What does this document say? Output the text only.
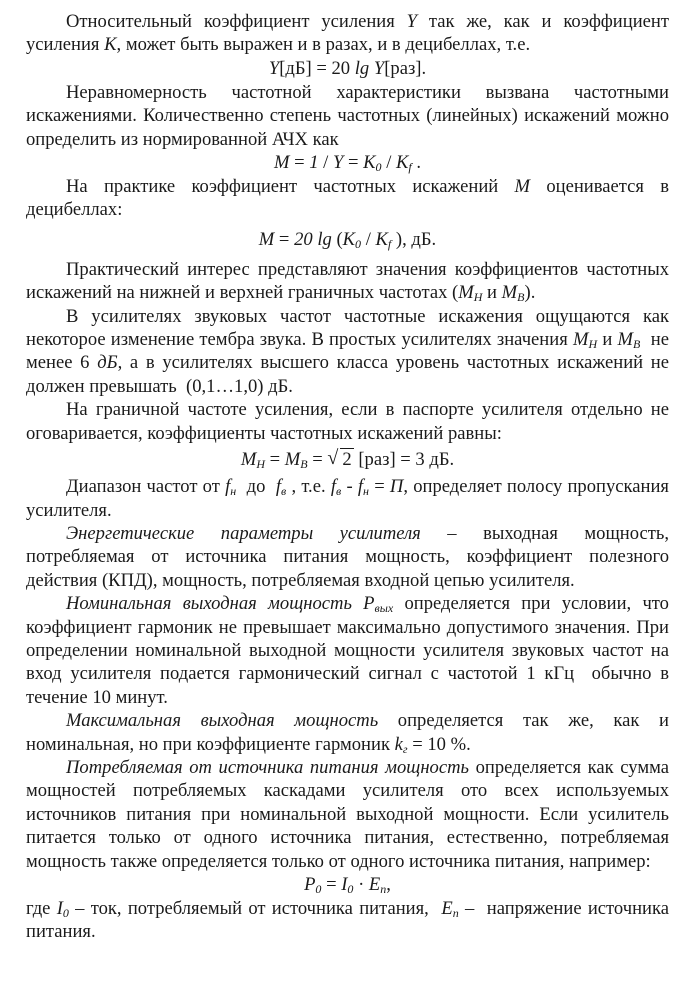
Относительный коэффициент усиления Y так же, как и коэффициент усиления K, может быть выражен и в разах, и в децибеллах, т.е.

Y[дБ] = 20 lg Y[раз].

Неравномерность частотной характеристики вызвана частотными искажениями. Количественно степень частотных (линейных) искажений можно определить из нормированной АЧХ как

$M = 1 / Y = K_0 / K_f$ .

На практике коэффициент частотных искажений M оценивается в децибеллах:

M = 20 $\lg (K_0 / K_f$ ), дБ.

Практический интерес представляют значения коэффициентов частотных искажений на нижней и верхней граничных частотах ($M_H$ и $M_B$).

В усилителях звуковых частот частотные искажения ощущаются как некоторое изменение тембра звука. В простых усилителях значения $M_H$ и $M_B$  не менее 6 дБ, а в усилителях высшего класса уровень частотных искажений не должен превышать  (0,1…1,0) дБ.

На граничной частоте усиления, если в паспорте усилителя отдельно не оговаривается, коэффициенты частотных искажений равны:

$M_H = M_B$ = √ 2 [раз] = 3 дБ.

Диапазон частот от $f_н$  до  $f_в$ , т.е. $f_в - f_н = П$, определяет полосу пропускания усилителя.

Энергетические параметры усилителя – выходная мощность, потребляемая от источника питания мощность, коэффициент полезного действия (КПД), мощность, потребляемая входной цепью усилителя.

Номинальная выходная мощность $P_{вых}$ определяется при условии, что коэффициент гармоник не превышает максимально допустимого значения. При определении номинальной выходной мощности усилителя звуковых частот на вход усилителя подается гармонический сигнал с частотой 1 кГц  обычно в течение 10 минут.

Максимальная выходная мощность определяется так же, как и номинальная, но при коэффициенте гармоник $k_г = 10$ %.

Потребляемая от источника питания мощность определяется как сумма мощностей потребляемых каскадами усилителя ото всех используемых источников питания при номинальной выходной мощности. Если усилитель питается только от одного источника питания, естественно, потребляемая мощность также определяется только от одного источника питания, например:

$P_0 = I_0 \cdot E_п$,

где $I_0$ – ток, потребляемый от источника питания,  $E_п$ –  напряжение источника питания.
